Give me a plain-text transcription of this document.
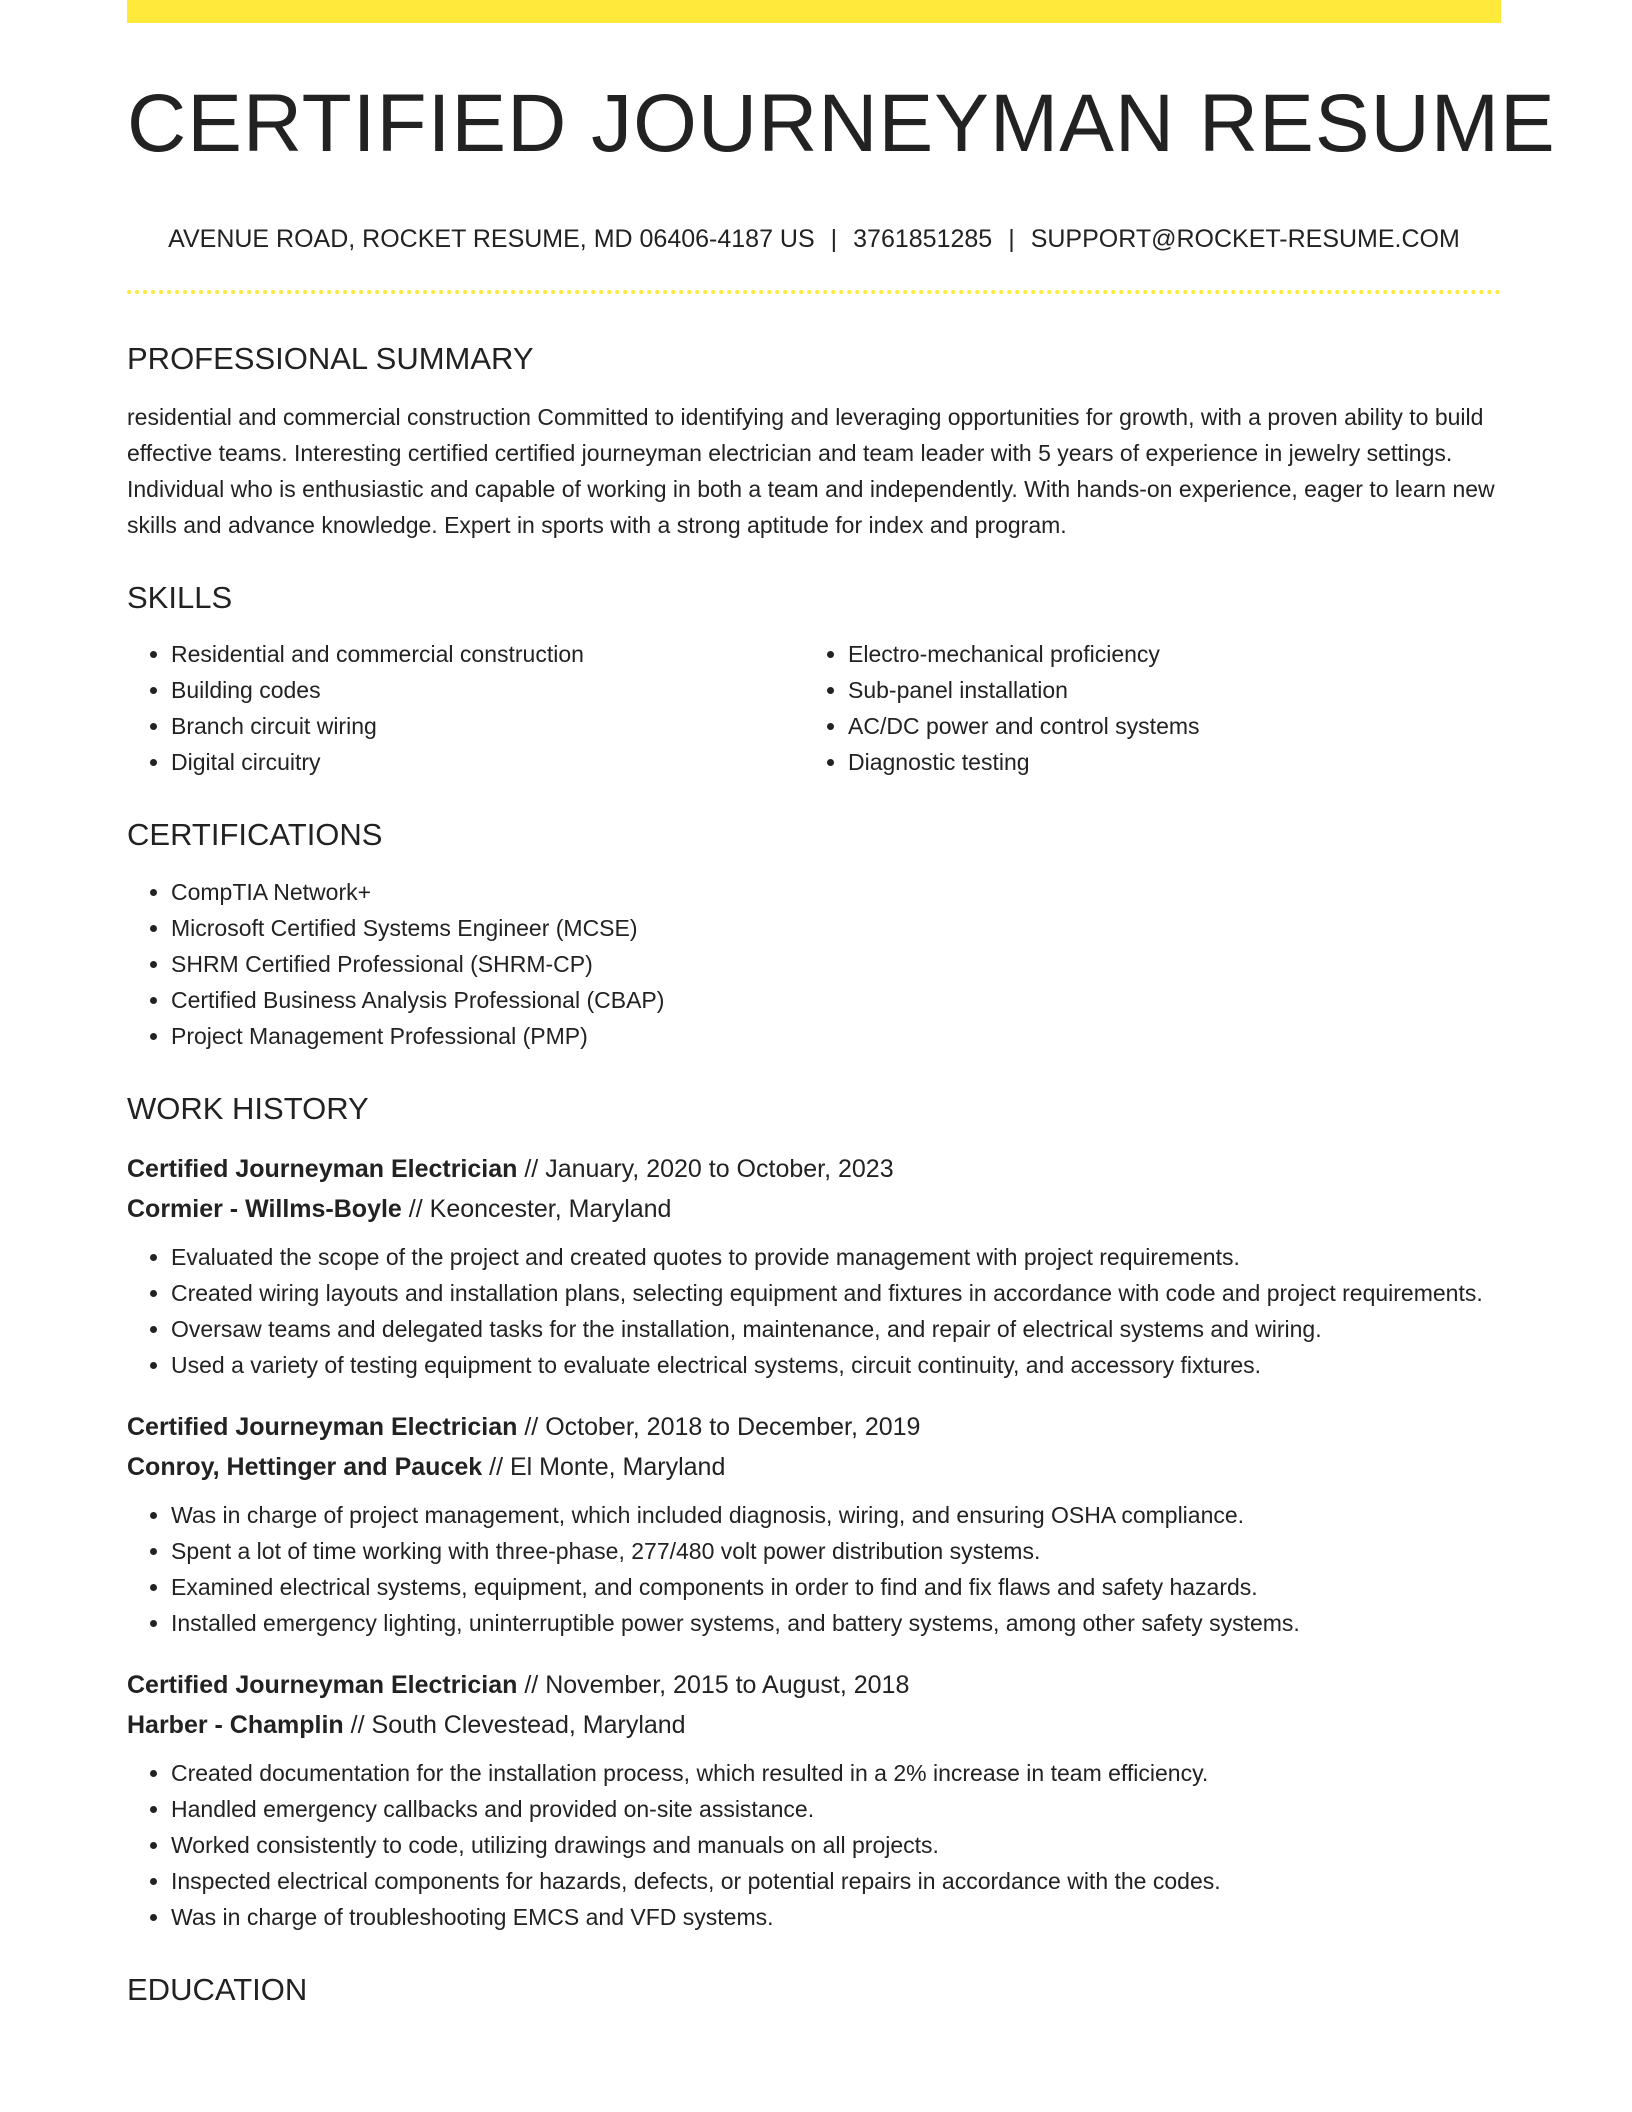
CERTIFIED JOURNEYMAN RESUME
AVENUE ROAD, ROCKET RESUME, MD 06406-4187 US | 3761851285 | SUPPORT@ROCKET-RESUME.COM
PROFESSIONAL SUMMARY

residential and commercial construction Committed to identifying and leveraging opportunities for growth, with a proven ability to build effective teams. Interesting certified certified journeyman electrician and team leader with 5 years of experience in jewelry settings. Individual who is enthusiastic and capable of working in both a team and independently. With hands-on experience, eager to learn new skills and advance knowledge. Expert in sports with a strong aptitude for index and program.

SKILLS
• Residential and commercial construction
• Building codes
• Branch circuit wiring
• Digital circuitry
• Electro-mechanical proficiency
• Sub-panel installation
• AC/DC power and control systems
• Diagnostic testing
CERTIFICATIONS
• CompTIA Network+
• Microsoft Certified Systems Engineer (MCSE)
• SHRM Certified Professional (SHRM-CP)
• Certified Business Analysis Professional (CBAP)
• Project Management Professional (PMP)
WORK HISTORY
Certified Journeyman Electrician // January, 2020 to October, 2023
Cormier - Willms-Boyle // Keoncester, Maryland
• Evaluated the scope of the project and created quotes to provide management with project requirements.
• Created wiring layouts and installation plans, selecting equipment and fixtures in accordance with code and project requirements.
• Oversaw teams and delegated tasks for the installation, maintenance, and repair of electrical systems and wiring.
• Used a variety of testing equipment to evaluate electrical systems, circuit continuity, and accessory fixtures.
Certified Journeyman Electrician // October, 2018 to December, 2019
Conroy, Hettinger and Paucek // El Monte, Maryland
• Was in charge of project management, which included diagnosis, wiring, and ensuring OSHA compliance.
• Spent a lot of time working with three-phase, 277/480 volt power distribution systems.
• Examined electrical systems, equipment, and components in order to find and fix flaws and safety hazards.
• Installed emergency lighting, uninterruptible power systems, and battery systems, among other safety systems.
Certified Journeyman Electrician // November, 2015 to August, 2018
Harber - Champlin // South Clevestead, Maryland
• Created documentation for the installation process, which resulted in a 2% increase in team efficiency.
• Handled emergency callbacks and provided on-site assistance.
• Worked consistently to code, utilizing drawings and manuals on all projects.
• Inspected electrical components for hazards, defects, or potential repairs in accordance with the codes.
• Was in charge of troubleshooting EMCS and VFD systems.
EDUCATION
